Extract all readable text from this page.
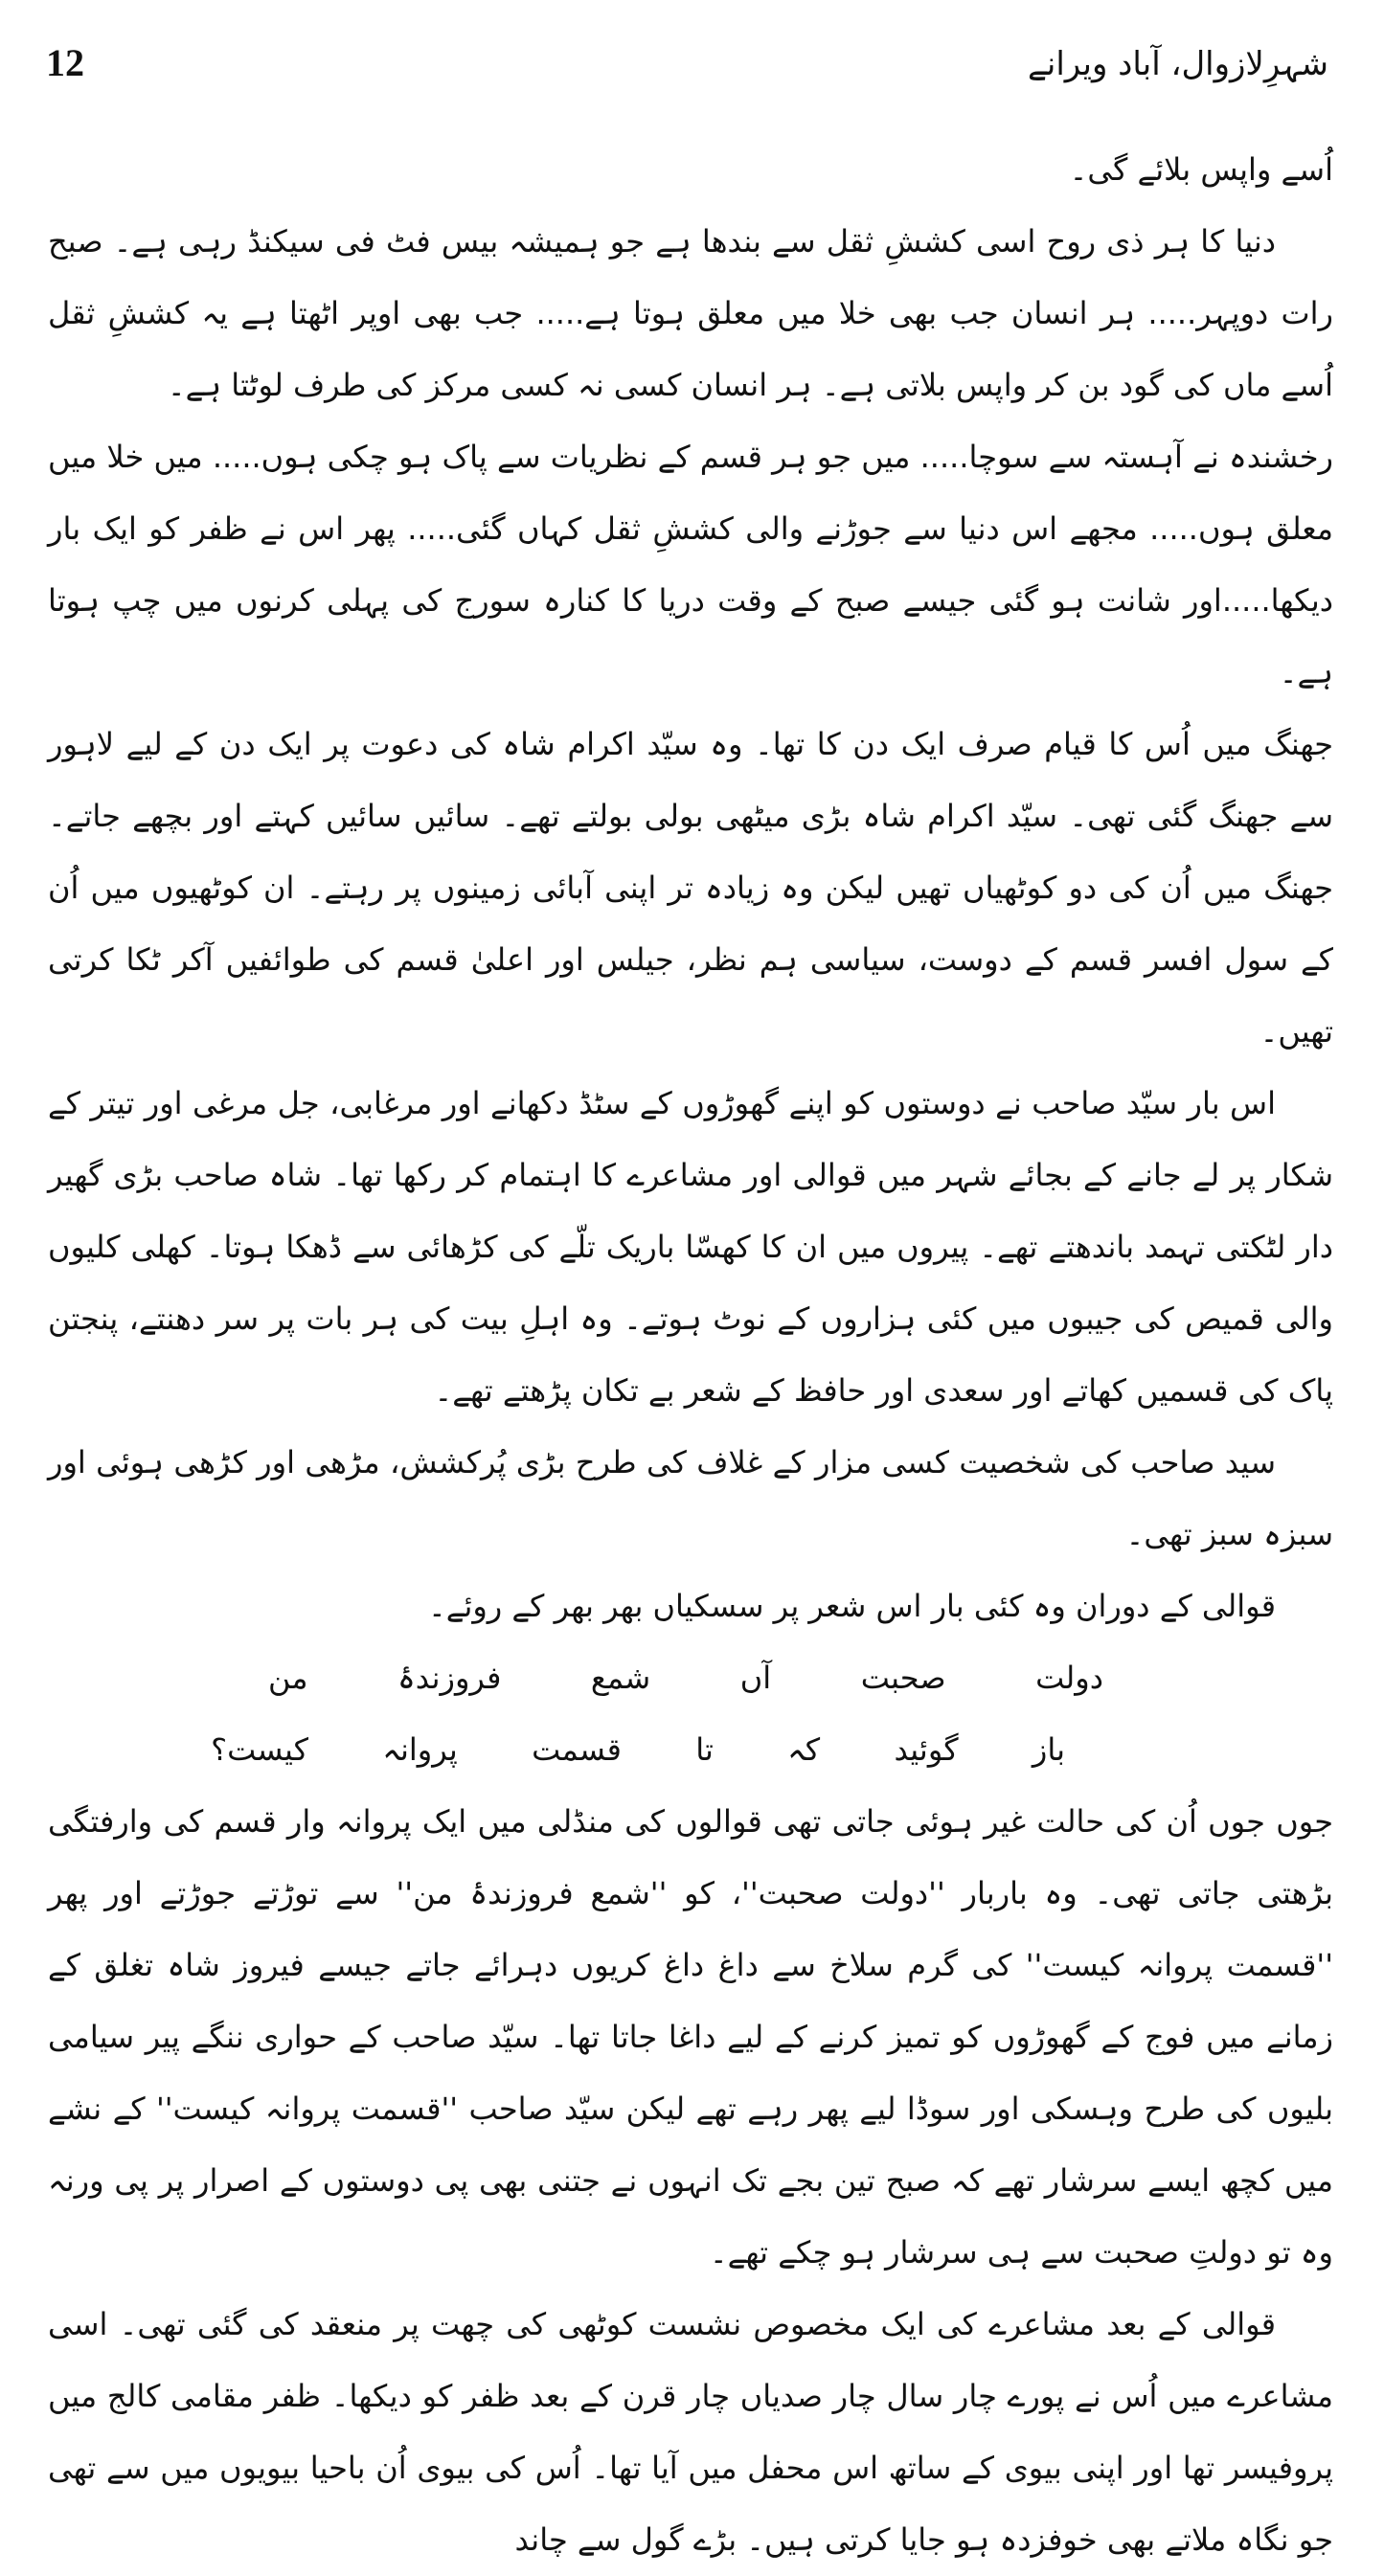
12	شہرِلازوال، آباد ویرانے

اُسے واپس بلائے گی۔

دنیا کا ہر ذی روح اسی کششِ ثقل سے بندھا ہے جو ہمیشہ بیس فٹ فی سیکنڈ رہی ہے۔ صبح رات دوپہر..... ہر انسان جب بھی خلا میں معلق ہوتا ہے..... جب بھی اوپر اٹھتا ہے یہ کششِ ثقل اُسے ماں کی گود بن کر واپس بلاتی ہے۔ ہر انسان کسی نہ کسی مرکز کی طرف لوٹتا ہے۔

رخشندہ نے آہستہ سے سوچا..... میں جو ہر قسم کے نظریات سے پاک ہو چکی ہوں..... میں خلا میں معلق ہوں..... مجھے اس دنیا سے جوڑنے والی کششِ ثقل کہاں گئی..... پھر اس نے ظفر کو ایک بار دیکھا.....اور شانت ہو گئی جیسے صبح کے وقت دریا کا کنارہ سورج کی پہلی کرنوں میں چپ ہوتا ہے۔

جھنگ میں اُس کا قیام صرف ایک دن کا تھا۔ وہ سیّد اکرام شاہ کی دعوت پر ایک دن کے لیے لاہور سے جھنگ گئی تھی۔ سیّد اکرام شاہ بڑی میٹھی بولی بولتے تھے۔ سائیں سائیں کہتے اور بچھے جاتے۔ جھنگ میں اُن کی دو کوٹھیاں تھیں لیکن وہ زیادہ تر اپنی آبائی زمینوں پر رہتے۔ ان کوٹھیوں میں اُن کے سول افسر قسم کے دوست، سیاسی ہم نظر، جیلس اور اعلیٰ قسم کی طوائفیں آکر ٹکا کرتی تھیں۔

اس بار سیّد صاحب نے دوستوں کو اپنے گھوڑوں کے سٹڈ دکھانے اور مرغابی، جل مرغی اور تیتر کے شکار پر لے جانے کے بجائے شہر میں قوالی اور مشاعرے کا اہتمام کر رکھا تھا۔ شاہ صاحب بڑی گھیر دار لٹکتی تہمد باندھتے تھے۔ پیروں میں ان کا کھسّا باریک تلّے کی کڑھائی سے ڈھکا ہوتا۔ کھلی کلیوں والی قمیص کی جیبوں میں کئی ہزاروں کے نوٹ ہوتے۔ وہ اہلِ بیت کی ہر بات پر سر دھنتے، پنجتن پاک کی قسمیں کھاتے اور سعدی اور حافظ کے شعر بے تکان پڑھتے تھے۔

سید صاحب کی شخصیت کسی مزار کے غلاف کی طرح بڑی پُرکشش، مڑھی اور کڑھی ہوئی اور سبزہ سبز تھی۔

قوالی کے دوران وہ کئی بار اس شعر پر سسکیاں بھر بھر کے روئے۔

دولت
صحبت
آں
شمع
فروزندۂ
من
باز
گوئید
کہ
تا
قسمت
پروانہ
کیست؟

جوں جوں اُن کی حالت غیر ہوئی جاتی تھی قوالوں کی منڈلی میں ایک پروانہ وار قسم کی وارفتگی بڑھتی جاتی تھی۔ وہ باربار ''دولت صحبت''، کو ''شمع فروزندۂ من'' سے توڑتے جوڑتے اور پھر ''قسمت پروانہ کیست'' کی گرم سلاخ سے داغ داغ کریوں دہرائے جاتے جیسے فیروز شاہ تغلق کے زمانے میں فوج کے گھوڑوں کو تمیز کرنے کے لیے داغا جاتا تھا۔ سیّد صاحب کے حواری ننگے پیر سیامی بلیوں کی طرح وہسکی اور سوڈا لیے پھر رہے تھے لیکن سیّد صاحب ''قسمت پروانہ کیست'' کے نشے میں کچھ ایسے سرشار تھے کہ صبح تین بجے تک انہوں نے جتنی بھی پی دوستوں کے اصرار پر پی ورنہ وہ تو دولتِ صحبت سے ہی سرشار ہو چکے تھے۔

قوالی کے بعد مشاعرے کی ایک مخصوص نشست کوٹھی کی چھت پر منعقد کی گئی تھی۔ اسی مشاعرے میں اُس نے پورے چار سال چار صدیاں چار قرن کے بعد ظفر کو دیکھا۔ ظفر مقامی کالج میں پروفیسر تھا اور اپنی بیوی کے ساتھ اس محفل میں آیا تھا۔ اُس کی بیوی اُن باحیا بیویوں میں سے تھی جو نگاہ ملاتے بھی خوفزدہ ہو جایا کرتی ہیں۔ بڑے گول سے چاند
